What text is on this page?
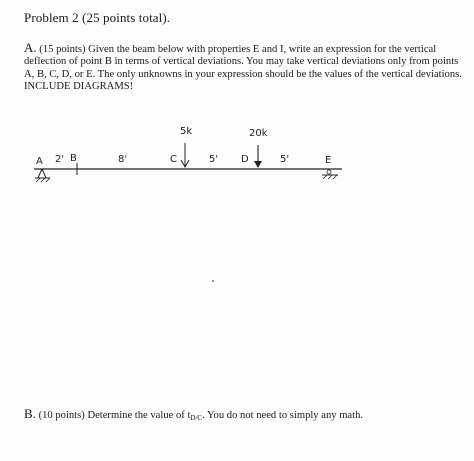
Problem 2 (25 points total).
A. (15 points) Given the beam below with properties E and I, write an expression for the vertical deflection of point B in terms of vertical deviations. You may take vertical deviations only from points A, B, C, D, or E. The only unknowns in your expression should be the values of the vertical deviations. INCLUDE DIAGRAMS!
A 2' B	8'	C
5k
5' D
20k
5'	E
B. (10 points) Determine the value of $t_{D/C}$. You do not need to simply any math.
